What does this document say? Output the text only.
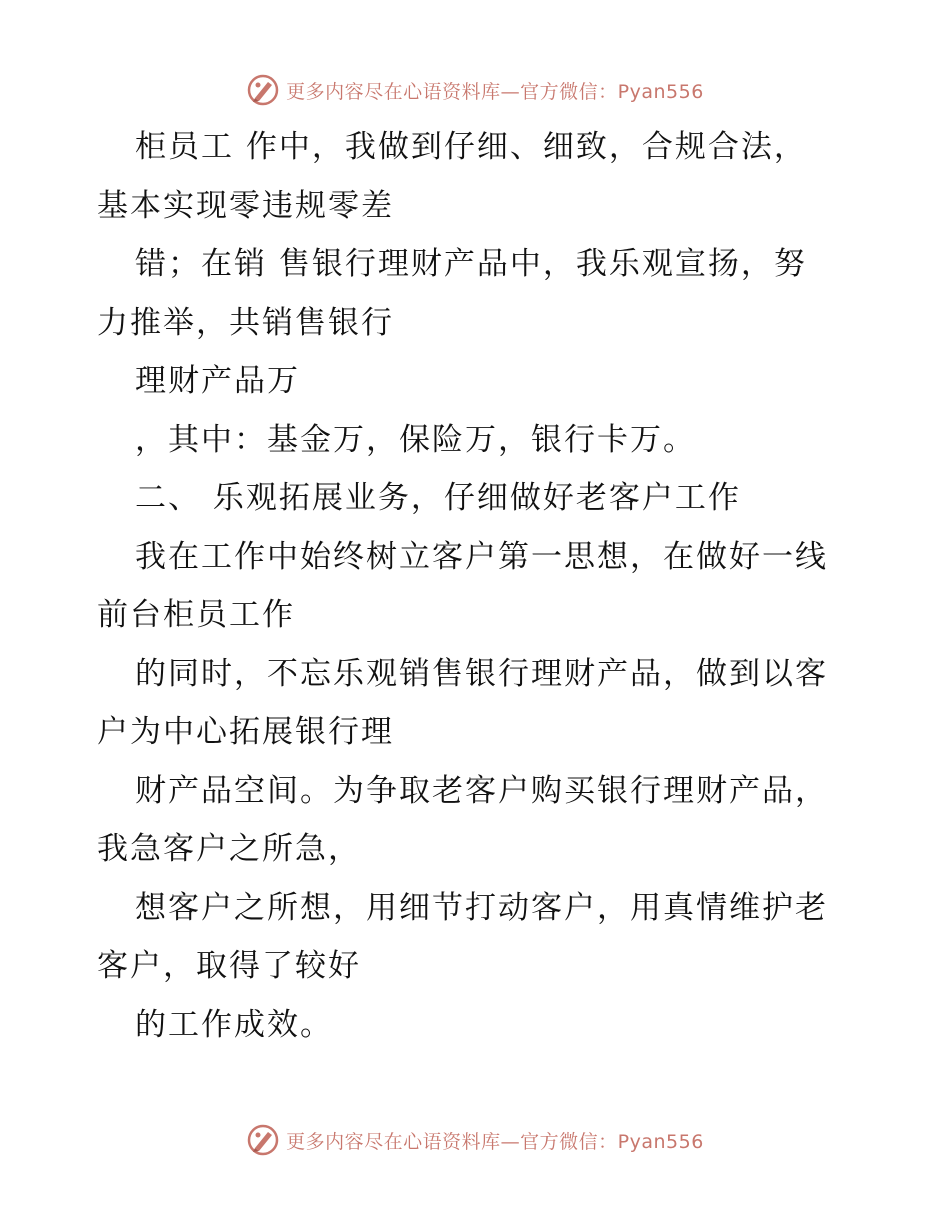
更多内容尽在心语资料库—官方微信：Pyan556
柜员工 作中，我做到仔细、细致，合规合法，
基本实现零违规零差
错；在销 售银行理财产品中，我乐观宣扬，努
力推举，共销售银行
理财产品万
，其中：基金万，保险万，银行卡万。
二、 乐观拓展业务，仔细做好老客户工作
我在工作中始终树立客户第一思想，在做好一线
前台柜员工作
的同时，不忘乐观销售银行理财产品，做到以客
户为中心拓展银行理
财产品空间。为争取老客户购买银行理财产品，
我急客户之所急，
想客户之所想，用细节打动客户，用真情维护老
客户，取得了较好
的工作成效。
更多内容尽在心语资料库—官方微信：Pyan556
